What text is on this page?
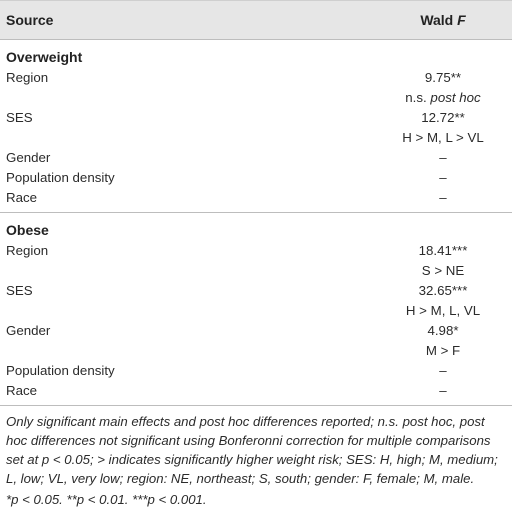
Source	Wald F
Overweight
Region	9.75**
n.s. post hoc
SES	12.72**
H > M, L > VL
Gender	–
Population density	–
Race	–
Obese
Region	18.41***
S > NE
SES	32.65***
H > M, L, VL
Gender	4.98*
M > F
Population density	–
Race	–

Only significant main effects and post hoc differences reported; n.s. post hoc, post hoc differences not significant using Bonferonni correction for multiple comparisons set at p < 0.05; > indicates significantly higher weight risk; SES: H, high; M, medium; L, low; VL, very low; region: NE, northeast; S, south; gender: F, female; M, male.

*p < 0.05. **p < 0.01. ***p < 0.001.
